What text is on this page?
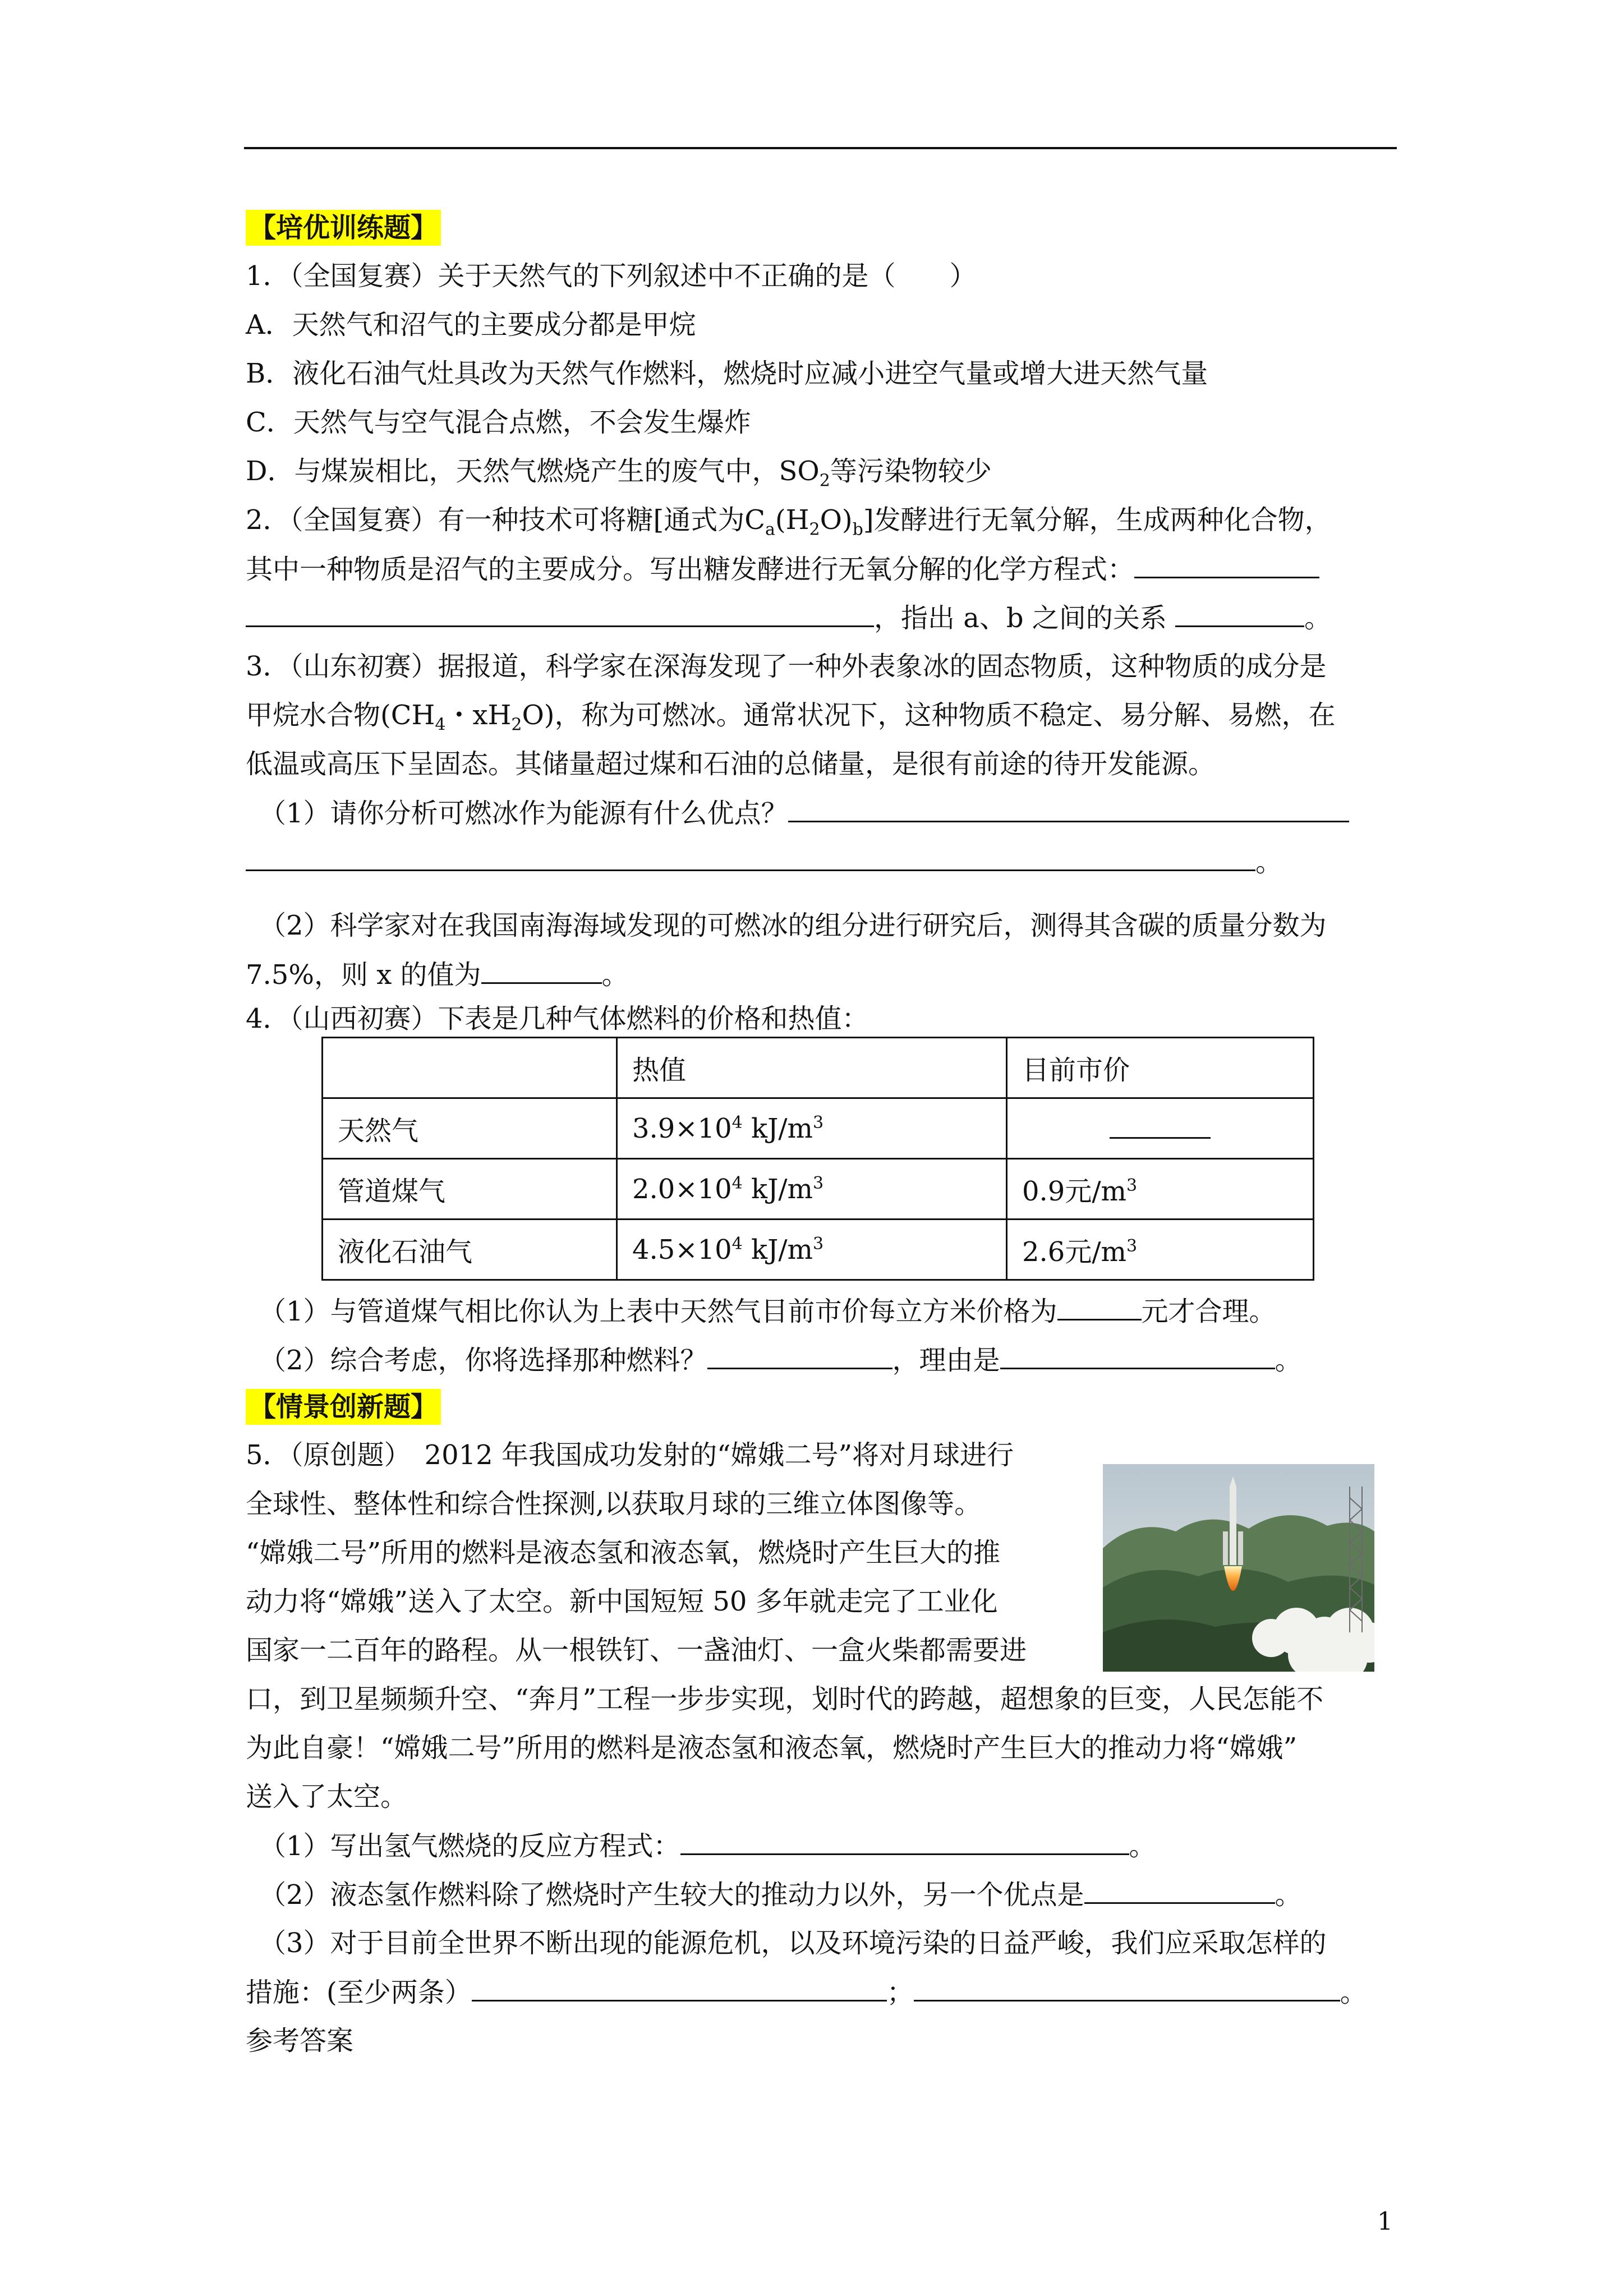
【培优训练题】
1．（全国复赛）关于天然气的下列叙述中不正确的是（　　）
A．天然气和沼气的主要成分都是甲烷
B．液化石油气灶具改为天然气作燃料，燃烧时应减小进空气量或增大进天然气量
C．天然气与空气混合点燃，不会发生爆炸
D．与煤炭相比，天然气燃烧产生的废气中，$SO_2$等污染物较少
2．（全国复赛）有一种技术可将糖[通式为$C_a(H_2O)_b$]发酵进行无氧分解，生成两种化合物，
其中一种物质是沼气的主要成分。写出糖发酵进行无氧分解的化学方程式：
，指出 a、b 之间的关系	。
3．（山东初赛）据报道，科学家在深海发现了一种外表象冰的固态物质，这种物质的成分是
甲烷水合物($CH_4$・$xH_2O$)，称为可燃冰。通常状况下，这种物质不稳定、易分解、易燃，在
低温或高压下呈固态。其储量超过煤和石油的总储量，是很有前途的待开发能源。
（1）请你分析可燃冰作为能源有什么优点？
。
（2）科学家对在我国南海海域发现的可燃冰的组分进行研究后，测得其含碳的质量分数为
7.5%，则 x 的值为	。
4．（山西初赛）下表是几种气体燃料的价格和热值：
	热值	目前市价
天然气	$3.9\times 10^4$ $kJ/m^3$	
管道煤气	$2.0\times 10^4$ $kJ/m^3$	0.9元$/m^3$
液化石油气	$4.5\times 10^4$ $kJ/m^3$	2.6元$/m^3$
（1）与管道煤气相比你认为上表中天然气目前市价每立方米价格为	元才合理。
（2）综合考虑，你将选择那种燃料？	，理由是	。
【情景创新题】
5．（原创题）　2012 年我国成功发射的“嫦娥二号”将对月球进行
全球性、整体性和综合性探测,以获取月球的三维立体图像等。
“嫦娥二号”所用的燃料是液态氢和液态氧，燃烧时产生巨大的推
动力将“嫦娥”送入了太空。新中国短短 50 多年就走完了工业化
国家一二百年的路程。从一根铁钉、一盏油灯、一盒火柴都需要进
口，到卫星频频升空、“奔月”工程一步步实现，划时代的跨越，超想象的巨变，人民怎能不
为此自豪！“嫦娥二号”所用的燃料是液态氢和液态氧，燃烧时产生巨大的推动力将“嫦娥”
送入了太空。
（1）写出氢气燃烧的反应方程式：	。
（2）液态氢作燃料除了燃烧时产生较大的推动力以外，另一个优点是	。
（3）对于目前全世界不断出现的能源危机，以及环境污染的日益严峻，我们应采取怎样的
措施：(至少两条）	；	。
参考答案
1
